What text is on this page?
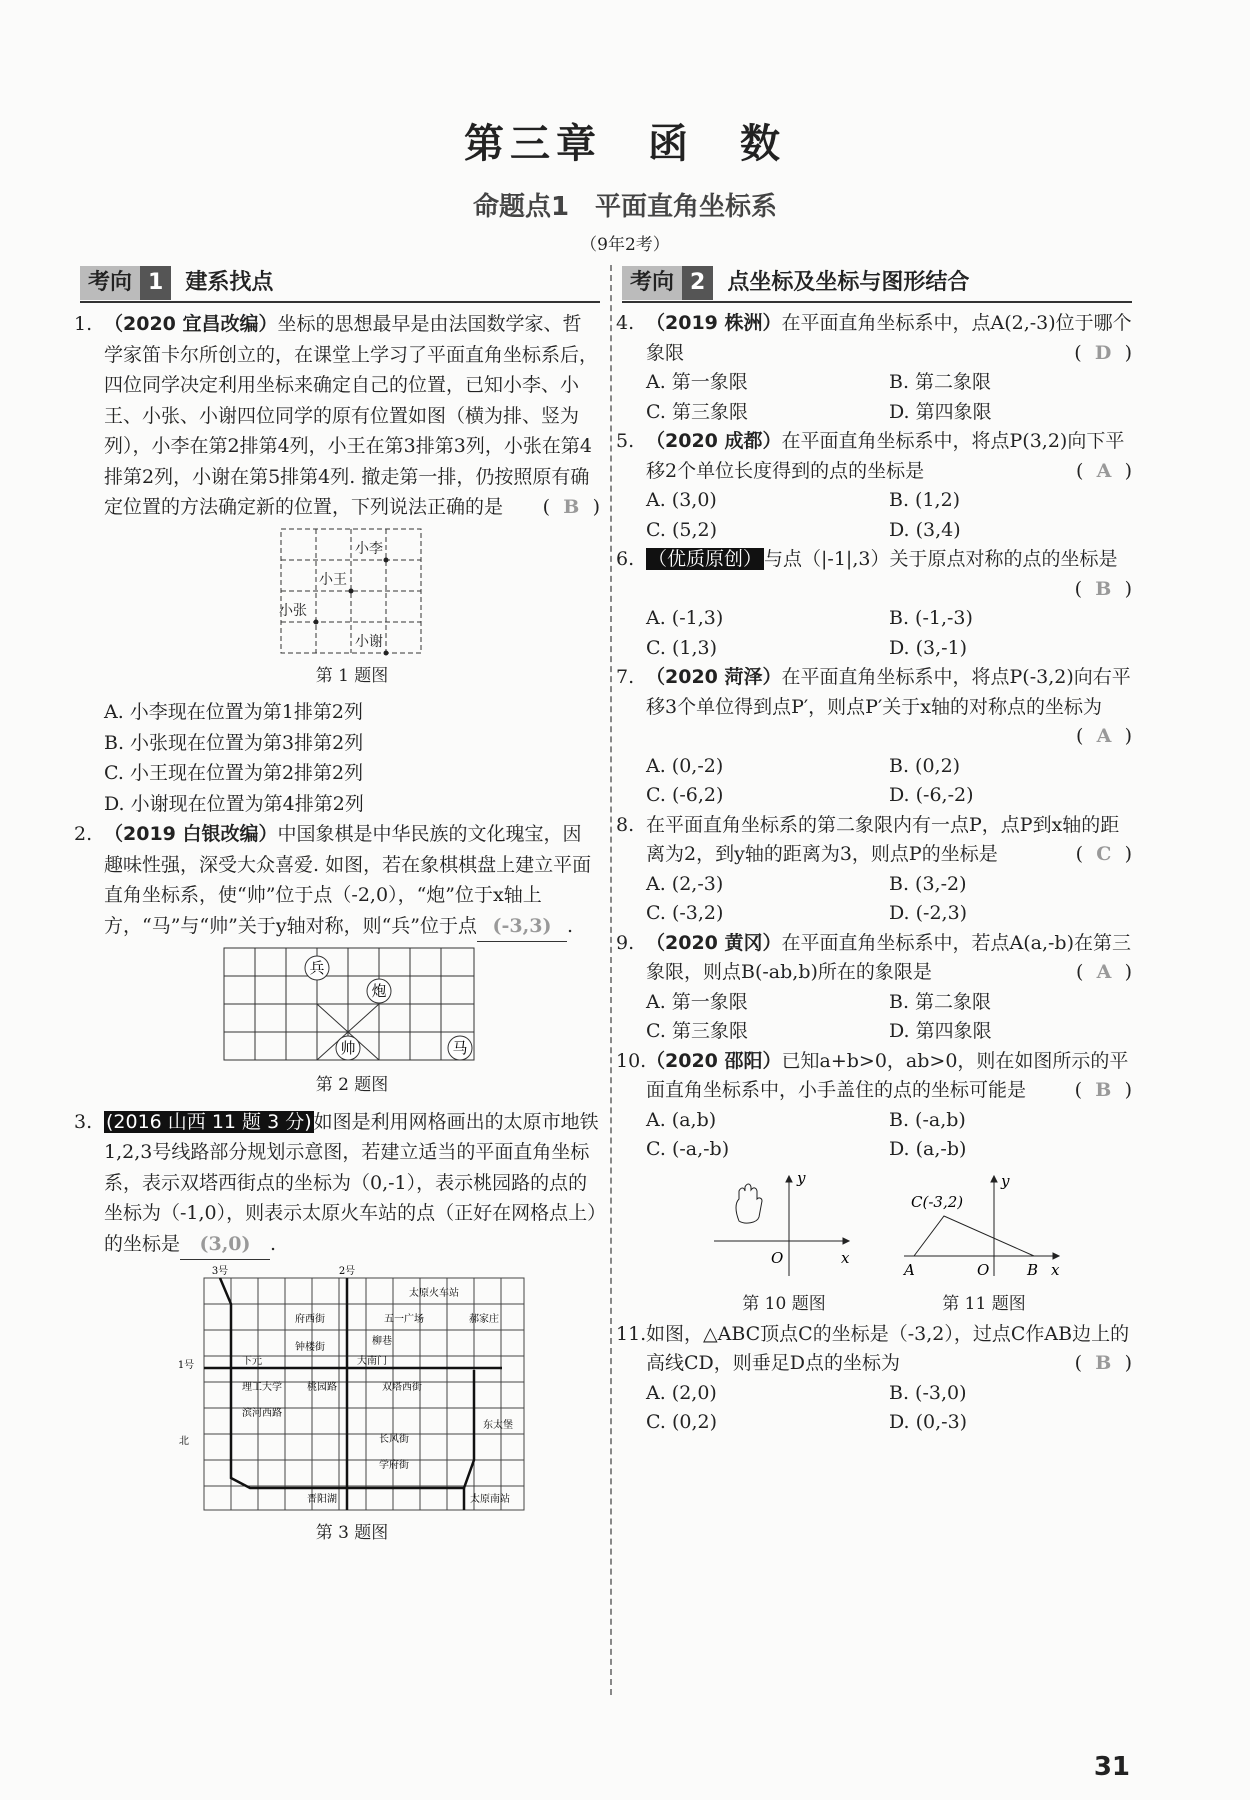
第三章　函　数
命题点1　平面直角坐标系
（9年2考）
考向 1	建系找点
1. （2020 宜昌改编）坐标的思想最早是由法国数学家、哲学家笛卡尔所创立的，在课堂上学习了平面直角坐标系后，四位同学决定利用坐标来确定自己的位置，已知小李、小王、小张、小谢四位同学的原有位置如图（横为排、竖为列），小李在第2排第4列，小王在第3排第3列，小张在第4排第2列，小谢在第5排第4列. 撤走第一排，仍按照原有确定位置的方法确定新的位置，下列说法正确的是 ( B )
小李
小王
小张
小谢
第 1 题图
A. 小李现在位置为第1排第2列
B. 小张现在位置为第3排第2列
C. 小王现在位置为第2排第2列
D. 小谢现在位置为第4排第2列
2. （2019 白银改编）中国象棋是中华民族的文化瑰宝，因趣味性强，深受大众喜爱. 如图，若在象棋棋盘上建立平面直角坐标系，使“帅”位于点（-2,0），“炮”位于x轴上方，“马”与“帅”关于y轴对称，则“兵”位于点 (-3,3) .
兵
炮
帅	马
第 2 题图
3. (2016 山西 11 题 3 分) 如图是利用网格画出的太原市地铁1,2,3号线路部分规划示意图，若建立适当的平面直角坐标系，表示双塔西街点的坐标为（0,-1），表示桃园路的点的坐标为（-1,0），则表示太原火车站的点（正好在网格点上）的坐标是 (3,0) .
3号	2号
1号
北
府西街
钟楼街
下元	大南门
双塔西街
理工大学
滨河西路
桃园路
长风街
学府街
晋阳湖	太原南站
东太堡
五一广场
太原火车站
郝家庄
柳巷
第 3 题图
考向 2	点坐标及坐标与图形结合
4. （2019 株洲）在平面直角坐标系中，点A(2,-3)位于哪个象限	( D )
A. 第一象限	B. 第二象限
C. 第三象限	D. 第四象限
5. （2020 成都）在平面直角坐标系中，将点P(3,2)向下平移2个单位长度得到的点的坐标是	( A )
A. (3,0)	B. (1,2)
C. (5,2)	D. (3,4)
6. （优质原创） 与点（|-1|,3）关于原点对称的点的坐标是
( B )
A. (-1,3)	B. (-1,-3)
C. (1,3)	D. (3,-1)
7. （2020 菏泽）在平面直角坐标系中，将点P(-3,2)向右平移3个单位得到点P′，则点P′关于x轴的对称点的坐标为
( A )
A. (0,-2)	B. (0,2)
C. (-6,2)	D. (-6,-2)
8. 在平面直角坐标系的第二象限内有一点P，点P到x轴的距离为2，到y轴的距离为3，则点P的坐标是	( C )
A. (2,-3)	B. (3,-2)
C. (-3,2)	D. (-2,3)
9. （2020 黄冈）在平面直角坐标系中，若点A(a,-b)在第三象限，则点B(-ab,b)所在的象限是	( A )
A. 第一象限	B. 第二象限
C. 第三象限	D. 第四象限
10. （2020 邵阳）已知a+b>0，ab>0，则在如图所示的平面直角坐标系中，小手盖住的点的坐标可能是	( B )
A. (a,b)	B. (-a,b)
C. (-a,-b)	D. (a,-b)
y
x
O
第 10 题图
C(-3,2)
A	B
O	x
y
第 11 题图
11. 如图，△ABC顶点C的坐标是（-3,2），过点C作AB边上的高线CD，则垂足D点的坐标为	( B )
A. (2,0)	B. (-3,0)
C. (0,2)	D. (0,-3)
31
